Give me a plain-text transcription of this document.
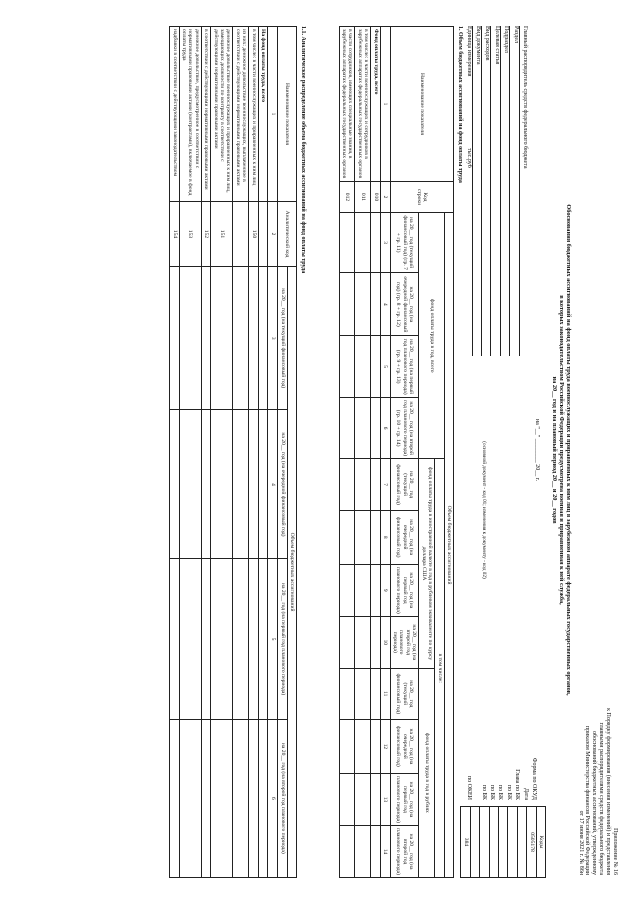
Приложение № 16
к Порядку формирования (внесения изменений) и представления
главными распорядителями средств федерального бюджета
обоснований бюджетных ассигнований, утвержденному
приказом Министерства финансов Российской Федерации
от 17 июня 2021 г. № 86н
Обоснования бюджетных ассигнований на фонд оплаты труда военнослужащих и приравненных к ним лиц в зарубежном аппарате федеральных государственных органов,
в которых законодательством Российской Федерации предусмотрена военная и приравненная к ней служба,
на 20__ год и на плановый период 20__ и 20__ годов
на "__" ________ 20__ г.
Главный распорядитель средств федерального бюджета
Раздел
Подраздел
Целевая статья
Вид расходов
Вид документа
Единица измерения тыс.руб
(основной документ - код 01; изменения к документу - код 02)
Форма по ОКУД
Дата
Глава по БК
по БК
по БК
по БК
по БК
по ОКЕИ
Коды
0505178

384
1. Объем бюджетных ассигнований на фонд оплаты труда
Наименование показателя	Код строки	Объем бюджетных ассигнований											
		фонд оплаты труда в год, всего				в том числе:							
						фонд оплаты труда в иностранной валюте в год в рублевом эквиваленте по курсу доллара США				фонд оплаты труда в год в рублях			
		на 20__ год (текущий финансовый год) (гр. 7 + гр. 11)	на 20__ год (на очередной финансовый год) (гр. 8 + гр. 12)	на 20__ год (на первый год планового периода) (гр. 9 + гр. 13)	на 20__ год (на второй год планового периода) (гр. 10 + гр. 14)	на 20__ год (текущий финансовый год)	на 20__ год (на очередной финансовый год)	на 20__ год (на первый год планового периода)	на 20__ год (на второй год планового периода)	на 20__ год (текущий финансовый год)	на 20__ год (на очередной финансовый год)	на 20__ год (на первый год планового периода)	на 20__ год (на второй год планового периода)
1	2	3	4	5	6	7	8	9	10	11	12	13	14
Фонд оплаты труда, всего	010												
в том числе: в части военнослужащих и сотрудников в зарубежных аппаратах федеральных государственных органов	011												
в части сотрудников, имеющих специальные звания, в зарубежных аппаратах федеральных государственных органов	012												
1.1. Аналитическое распределение объема бюджетных ассигнований на фонд оплаты труда
Наименование показателя	Аналитический код	Объем бюджетных ассигнований			
		на 20__ год (на текущий финансовый год)	на 20__ год (на очередной финансовый год)	на 20__ год (на первый год планового периода)	на 20__ год (на второй год планового периода)
1	2	3	4	5	6
На фонд оплаты труда, всего					
в том числе: в части военнослужащих и приравненных к ним лиц	150				
из них: денежное довольствие военнослужащих, выплаченное в соответствии с действующими нормативными правовыми актами					
денежное довольствие военнослужащих и приравненных к ним лиц, замещающих должности по контракту в соответствии с действующими нормативными правовыми актами	151				
в соответствии с действующими нормативными правовыми актами	152				
денежное довольствие, предусмотренное в соответствии с нормативными правовыми актами (контрактами), включаемое в фонд оплаты труда	153				
надбавки в соответствии с действующими законодательством	154				
